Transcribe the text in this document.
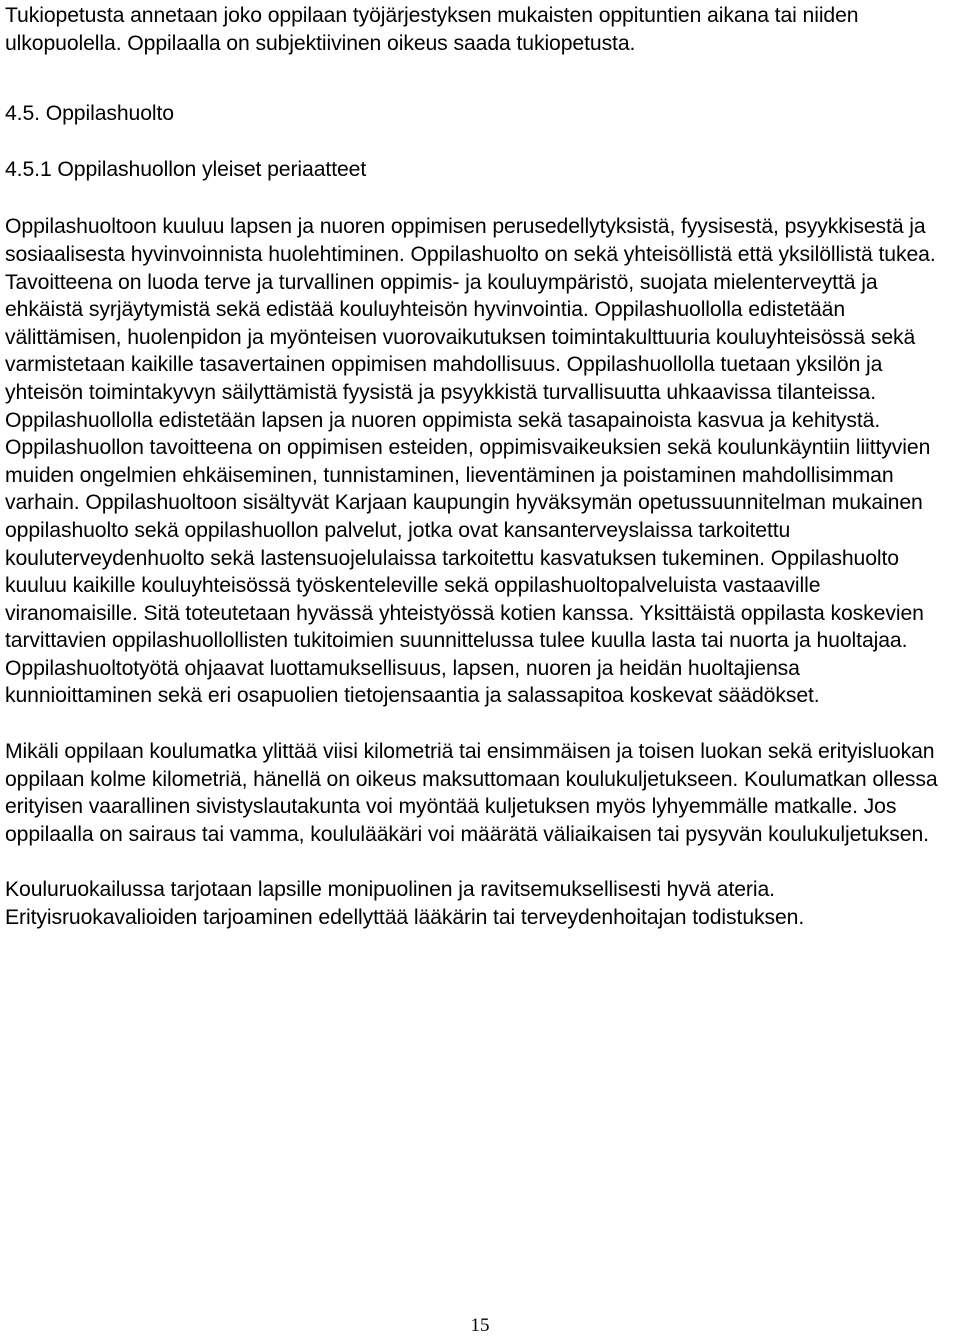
Tukiopetusta annetaan joko oppilaan työjärjestyksen mukaisten oppituntien aikana tai niiden ulkopuolella. Oppilaalla on subjektiivinen oikeus saada tukiopetusta.

4.5. Oppilashuolto

4.5.1 Oppilashuollon yleiset periaatteet

Oppilashuoltoon kuuluu lapsen ja nuoren oppimisen perusedellytyksistä, fyysisestä, psyykkisestä ja sosiaalisesta hyvinvoinnista huolehtiminen. Oppilashuolto on sekä yhteisöllistä että yksilöllistä tukea. Tavoitteena on luoda terve ja turvallinen oppimis- ja kouluympäristö, suojata mielenterveyttä ja ehkäistä syrjäytymistä sekä edistää kouluyhteisön hyvinvointia. Oppilashuollolla edistetään välittämisen, huolenpidon ja myönteisen vuorovaikutuksen toimintakulttuuria kouluyhteisössä sekä varmistetaan kaikille tasavertainen oppimisen mahdollisuus. Oppilashuollolla tuetaan yksilön ja yhteisön toimintakyvyn säilyttämistä fyysistä ja psyykkistä turvallisuutta uhkaavissa tilanteissa. Oppilashuollolla edistetään lapsen ja nuoren oppimista sekä tasapainoista kasvua ja kehitystä. Oppilashuollon tavoitteena on oppimisen esteiden, oppimisvaikeuksien sekä koulunkäyntiin liittyvien muiden ongelmien ehkäiseminen, tunnistaminen, lieventäminen ja poistaminen mahdollisimman varhain. Oppilashuoltoon sisältyvät Karjaan kaupungin hyväksymän opetussuunnitelman mukainen oppilashuolto sekä oppilashuollon palvelut, jotka ovat kansanterveyslaissa tarkoitettu kouluterveydenhuolto sekä lastensuojelulaissa tarkoitettu kasvatuksen tukeminen. Oppilashuolto kuuluu kaikille kouluyhteisössä työskenteleville sekä oppilashuoltopalveluista vastaaville viranomaisille. Sitä toteutetaan hyvässä yhteistyössä kotien kanssa. Yksittäistä oppilasta koskevien tarvittavien oppilashuollollisten tukitoimien suunnittelussa tulee kuulla lasta tai nuorta ja huoltajaa. Oppilashuoltotyötä ohjaavat luottamuksellisuus, lapsen, nuoren ja heidän huoltajiensa kunnioittaminen sekä eri osapuolien tietojensaantia ja salassapitoa koskevat säädökset.

Mikäli oppilaan koulumatka ylittää viisi kilometriä tai ensimmäisen ja toisen luokan sekä erityisluokan oppilaan kolme kilometriä, hänellä on oikeus maksuttomaan koulukuljetukseen. Koulumatkan ollessa erityisen vaarallinen sivistyslautakunta voi myöntää kuljetuksen myös lyhyemmälle matkalle. Jos oppilaalla on sairaus tai vamma, koululääkäri voi määrätä väliaikaisen tai pysyvän koulukuljetuksen.

Kouluruokailussa tarjotaan lapsille monipuolinen ja ravitsemuksellisesti hyvä ateria. Erityisruokavalioiden tarjoaminen edellyttää lääkärin tai terveydenhoitajan todistuksen.

15
